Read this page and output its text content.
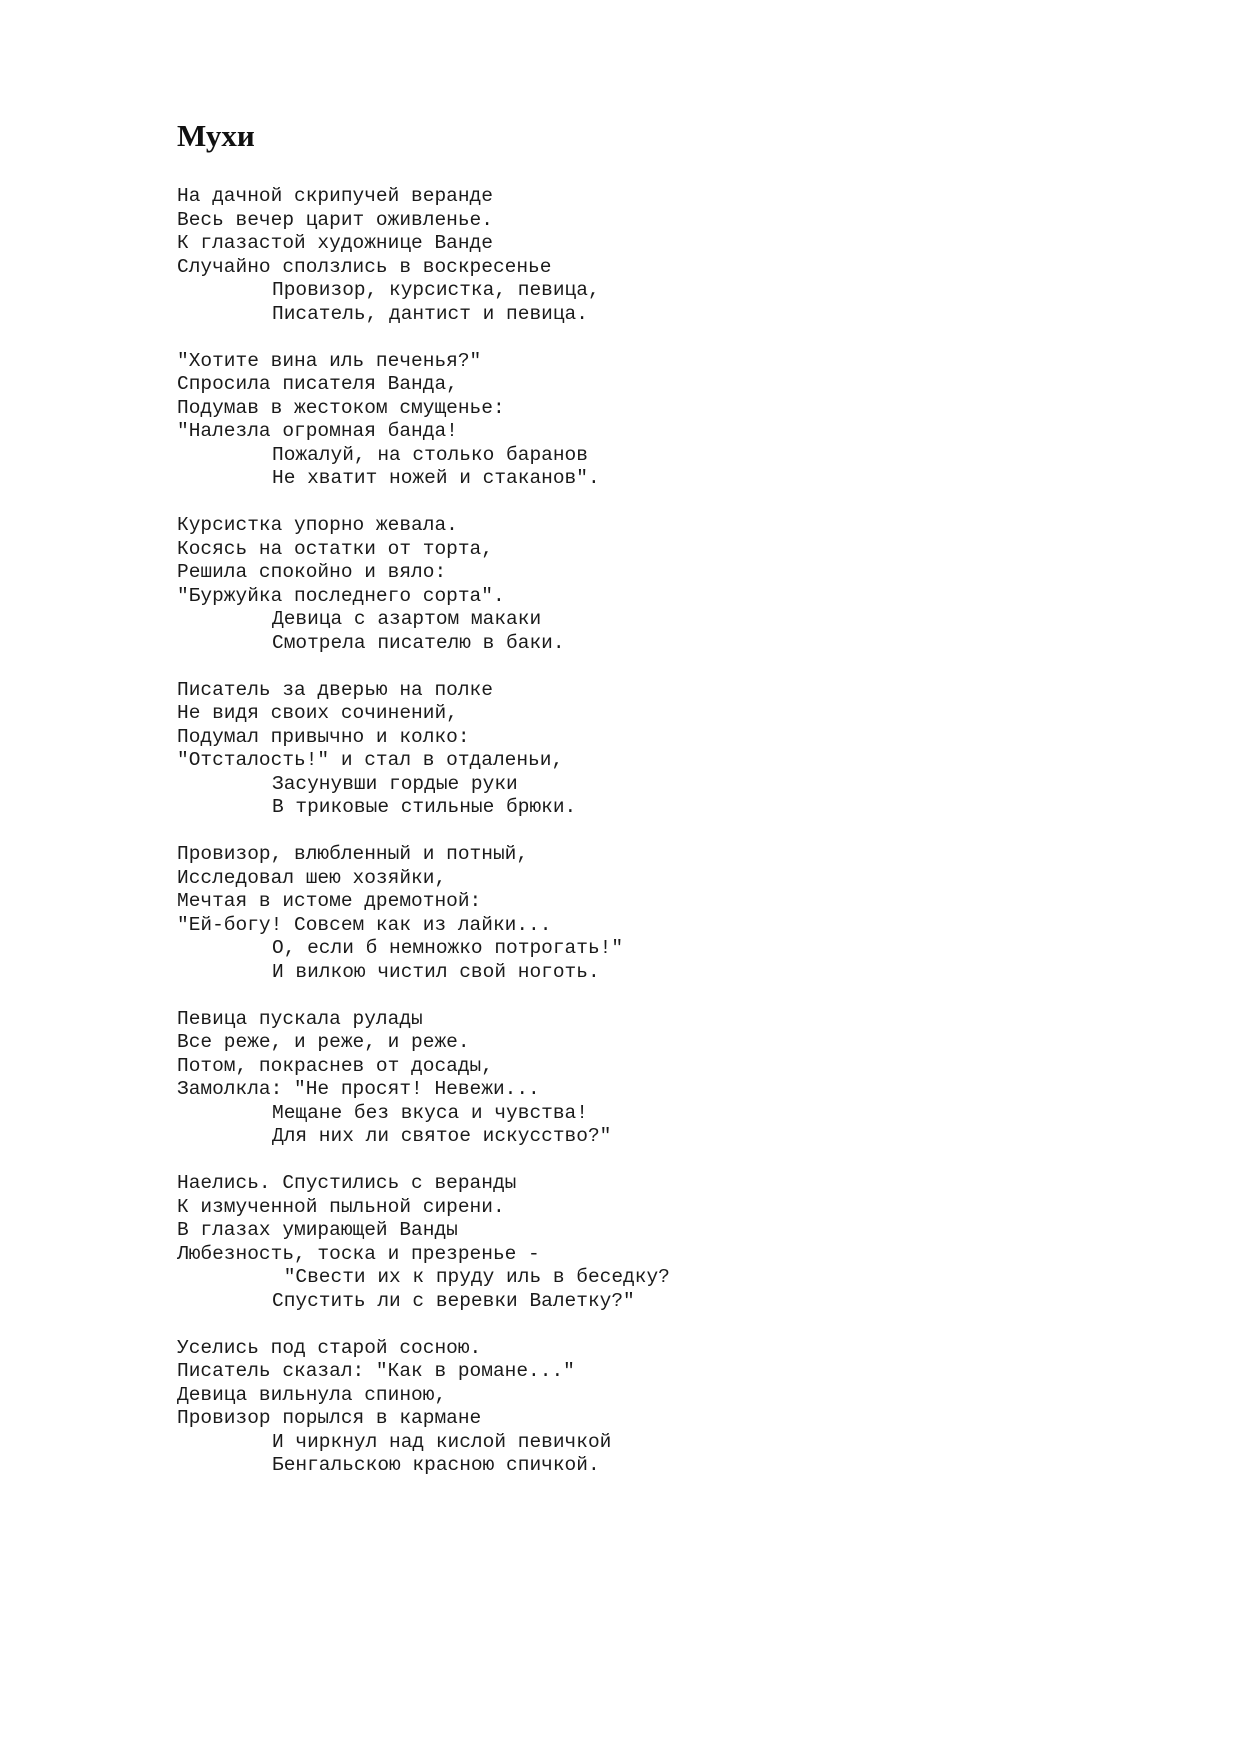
Мухи
На дачной скрипучей веранде
Весь вечер царит оживленье.
К глазастой художнице Ванде
Случайно сползлись в воскресенье
Провизор, курсистка, певица,
Писатель, дантист и певица.
"Хотите вина иль печенья?"
Спросила писателя Ванда,
Подумав в жестоком смущенье:
"Налезла огромная банда!
Пожалуй, на столько баранов
Не хватит ножей и стаканов".
Курсистка упорно жевала.
Косясь на остатки от торта,
Решила спокойно и вяло:
"Буржуйка последнего сорта".
Девица с азартом макаки
Смотрела писателю в баки.
Писатель за дверью на полке
Не видя своих сочинений,
Подумал привычно и колко:
"Отсталость!" и стал в отдаленьи,
Засунувши гордые руки
В триковые стильные брюки.
Провизор, влюбленный и потный,
Исследовал шею хозяйки,
Мечтая в истоме дремотной:
"Ей-богу! Совсем как из лайки...
О, если б немножко потрогать!"
И вилкою чистил свой ноготь.
Певица пускала рулады
Все реже, и реже, и реже.
Потом, покраснев от досады,
Замолкла: "Не просят! Невежи...
Мещане без вкуса и чувства!
Для них ли святое искусство?"
Наелись. Спустились с веранды
К измученной пыльной сирени.
В глазах умирающей Ванды
Любезность, тоска и презренье -
"Свести их к пруду иль в беседку?
Спустить ли с веревки Валетку?"
Уселись под старой сосною.
Писатель сказал: "Как в романе..."
Девица вильнула спиною,
Провизор порылся в кармане
И чиркнул над кислой певичкой
Бенгальскою красною спичкой.
